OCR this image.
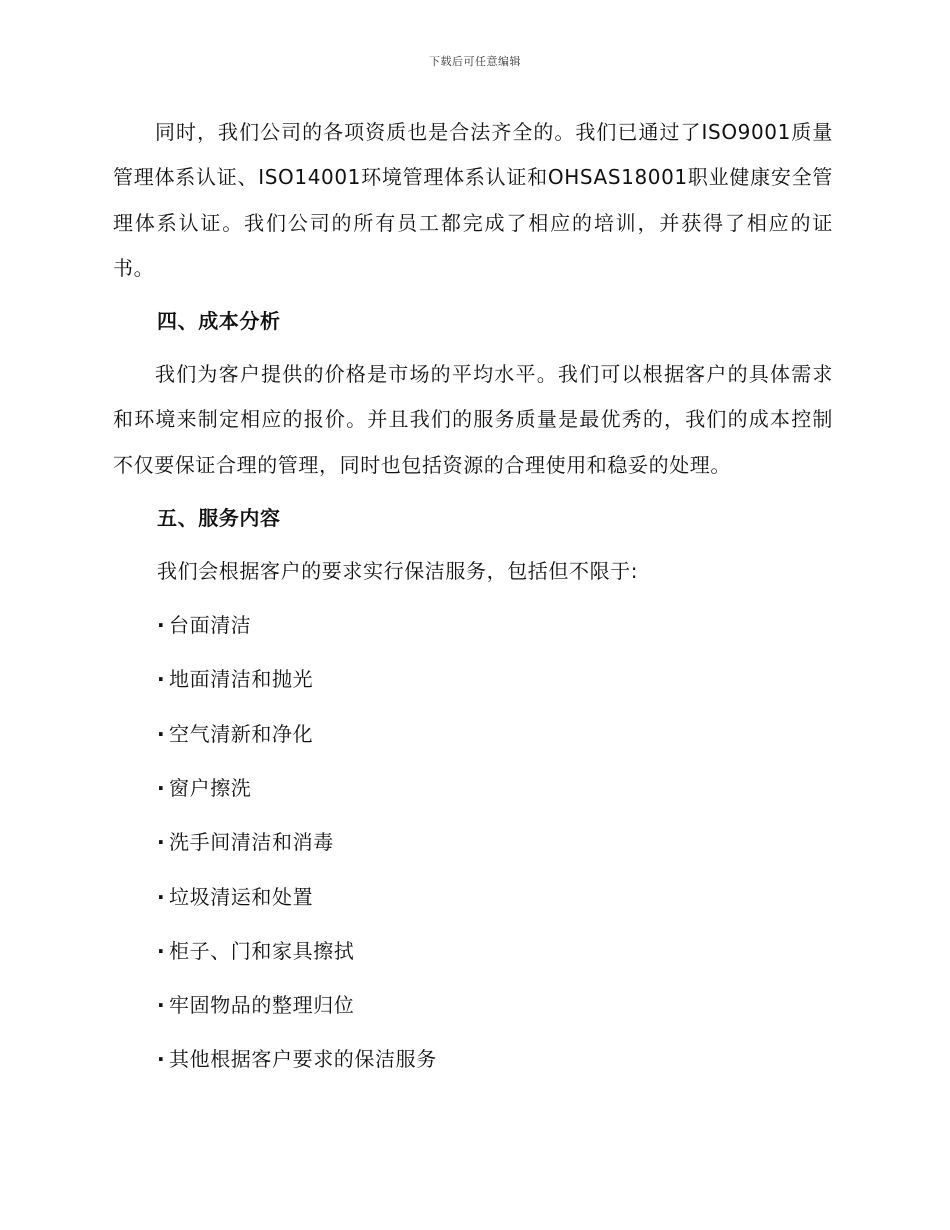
下载后可任意编辑

同时，我们公司的各项资质也是合法齐全的。我们已通过了ISO9001质量管理体系认证、ISO14001环境管理体系认证和OHSAS18001职业健康安全管理体系认证。我们公司的所有员工都完成了相应的培训，并获得了相应的证书。

四、成本分析

我们为客户提供的价格是市场的平均水平。我们可以根据客户的具体需求和环境来制定相应的报价。并且我们的服务质量是最优秀的，我们的成本控制不仅要保证合理的管理，同时也包括资源的合理使用和稳妥的处理。

五、服务内容
我们会根据客户的要求实行保洁服务，包括但不限于:
· 台面清洁
· 地面清洁和抛光
· 空气清新和净化
· 窗户擦洗
· 洗手间清洁和消毒
· 垃圾清运和处置
· 柜子、门和家具擦拭
· 牢固物品的整理归位
· 其他根据客户要求的保洁服务
